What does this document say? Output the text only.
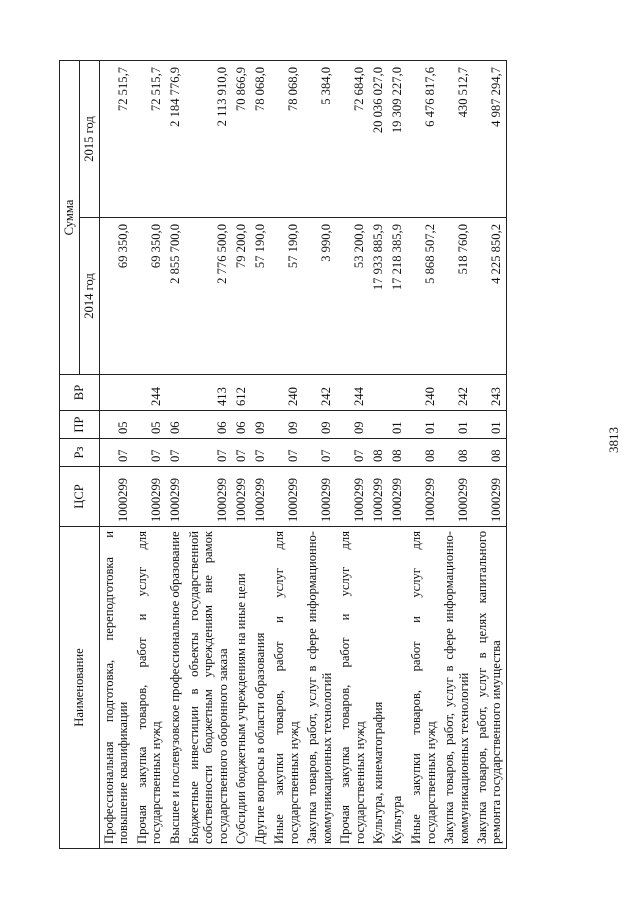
3813
Наименование	ЦСР	Рз	ПР	ВР	Сумма	
					2014 год	2015 год
Профессиональная подготовка, переподготовка и повышение квалификации	1000299	07	05		69 350,0	72 515,7
Прочая закупка товаров, работ и услуг для государственных нужд	1000299	07	05	244	69 350,0	72 515,7
Высшее и послевузовское профессиональное образование	1000299	07	06		2 855 700,0	2 184 776,9
Бюджетные инвестиции в объекты государственной собственности бюджетным учреждениям вне рамок государственного оборонного заказа	1000299	07	06	413	2 776 500,0	2 113 910,0
Субсидии бюджетным учреждениям на иные цели	1000299	07	06	612	79 200,0	70 866,9
Другие вопросы в области образования	1000299	07	09		57 190,0	78 068,0
Иные закупки товаров, работ и услуг для государственных нужд	1000299	07	09	240	57 190,0	78 068,0
Закупка товаров, работ, услуг в сфере информационно-коммуникационных технологий	1000299	07	09	242	3 990,0	5 384,0
Прочая закупка товаров, работ и услуг для государственных нужд	1000299	07	09	244	53 200,0	72 684,0
Культура, кинематография	1000299	08			17 933 885,9	20 036 027,0
Культура	1000299	08	01		17 218 385,9	19 309 227,0
Иные закупки товаров, работ и услуг для государственных нужд	1000299	08	01	240	5 868 507,2	6 476 817,6
Закупка товаров, работ, услуг в сфере информационно-коммуникационных технологий	1000299	08	01	242	518 760,0	430 512,7
Закупка товаров, работ, услуг в целях капитального ремонта государственного имущества	1000299	08	01	243	4 225 850,2	4 987 294,7
